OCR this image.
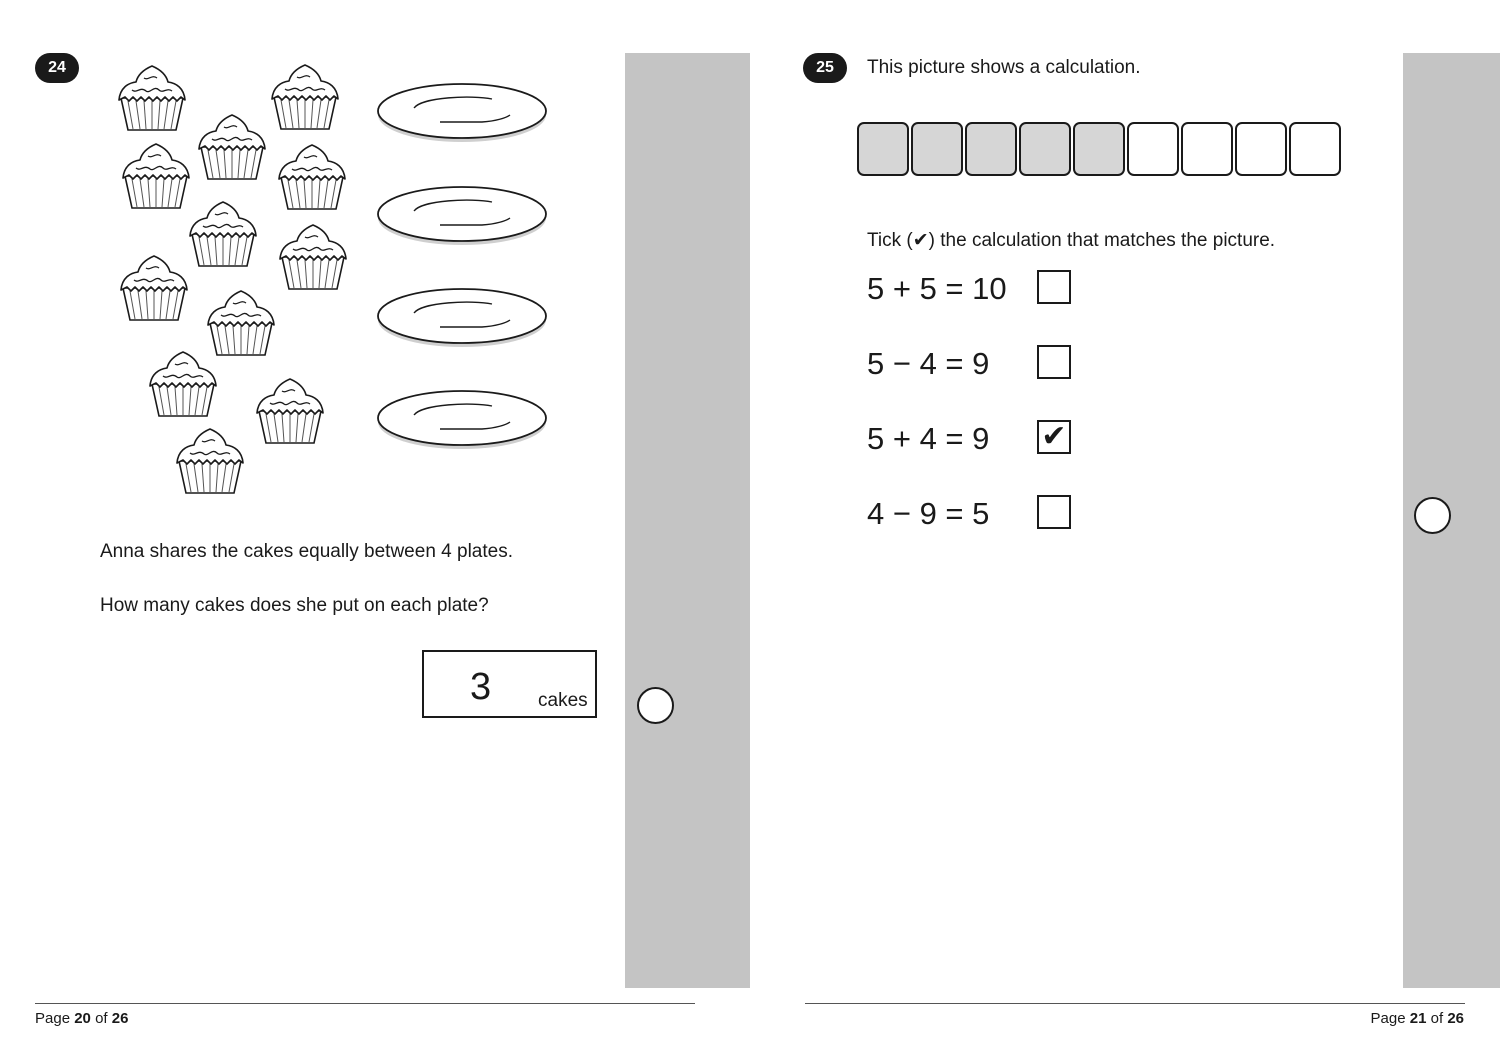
24
Anna shares the cakes equally between 4 plates.
How many cakes does she put on each plate?
3 cakes
Page 20 of 26
25	This picture shows a calculation.
Tick (✔) the calculation that matches the picture.
5 + 5 = 10
5 − 4 = 9
5 + 4 = 9 ✔
4 − 9 = 5
Page 21 of 26
